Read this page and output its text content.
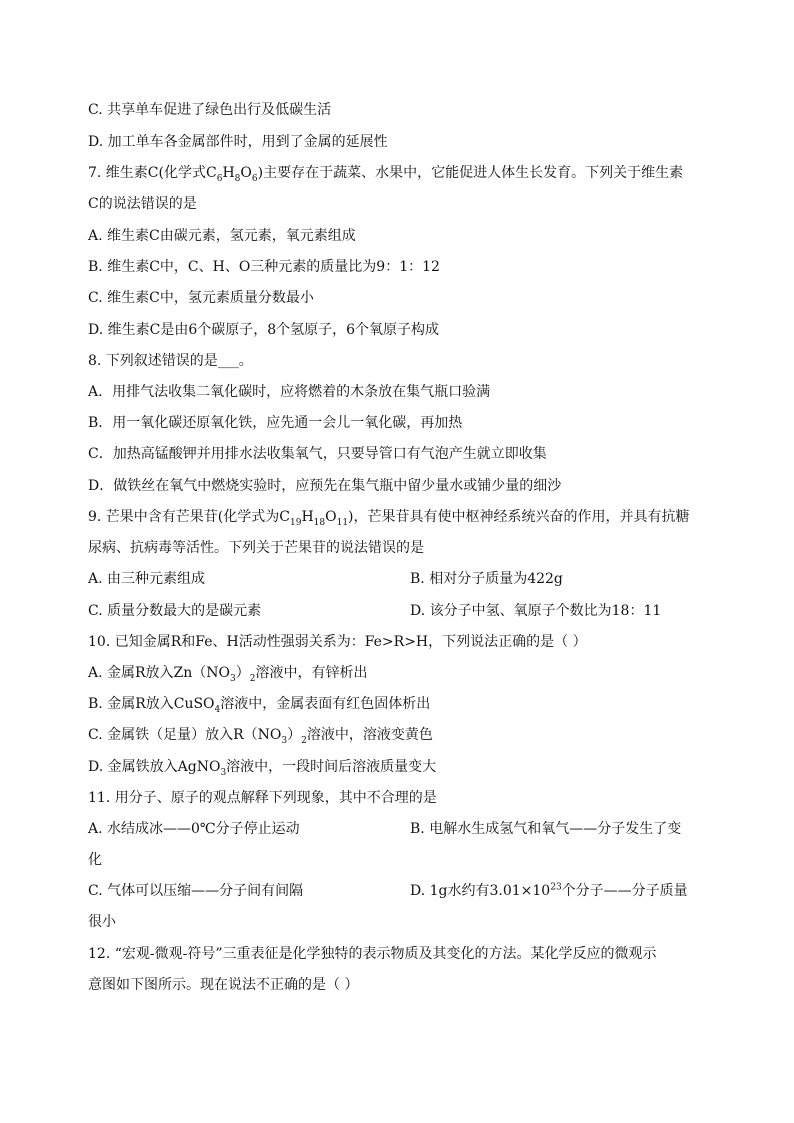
C. 共享单车促进了绿色出行及低碳生活
D. 加工单车各金属部件时，用到了金属的延展性
7. 维生素C(化学式$C_6H_8O_6$)主要存在于蔬菜、水果中，它能促进人体生长发育。下列关于维生素
C的说法错误的是
A. 维生素C由碳元素，氢元素，氧元素组成
B. 维生素C中，C、H、O三种元素的质量比为9：1：12
C. 维生素C中，氢元素质量分数最小
D. 维生素C是由6个碳原子，8个氢原子，6个氧原子构成
8. 下列叙述错误的是___。
A．用排气法收集二氧化碳时，应将燃着的木条放在集气瓶口验满
B．用一氧化碳还原氧化铁，应先通一会儿一氧化碳，再加热
C．加热高锰酸钾并用排水法收集氧气，只要导管口有气泡产生就立即收集
D．做铁丝在氧气中燃烧实验时，应预先在集气瓶中留少量水或铺少量的细沙
9. 芒果中含有芒果苷(化学式为$C_{19}H_{18}O_{11}$)，芒果苷具有使中枢神经系统兴奋的作用，并具有抗糖
尿病、抗病毒等活性。下列关于芒果苷的说法错误的是
A. 由三种元素组成	B. 相对分子质量为422g
C. 质量分数最大的是碳元素	D. 该分子中氢、氧原子个数比为18：11
10. 已知金属R和Fe、H活动性强弱关系为：Fe>R>H，下列说法正确的是（ ）
A. 金属R放入$Zn(NO_3)_2$溶液中，有锌析出
B. 金属R放入CuSO$_4$溶液中，金属表面有红色固体析出
C. 金属铁（足量）放入$R(NO_3)_2$溶液中，溶液变黄色
D. 金属铁放入AgNO$_3$溶液中，一段时间后溶液质量变大
11. 用分子、原子的观点解释下列现象，其中不合理的是
A. 水结成冰——0℃分子停止运动	B. 电解水生成氢气和氧气——分子发生了变
化
C. 气体可以压缩——分子间有间隔	D. 1g水约有$3.01\times 10^{23}$个分子——分子质量
很小
12. “宏观-微观-符号”三重表征是化学独特的表示物质及其变化的方法。某化学反应的微观示
意图如下图所示。现在说法不正确的是（ ）
